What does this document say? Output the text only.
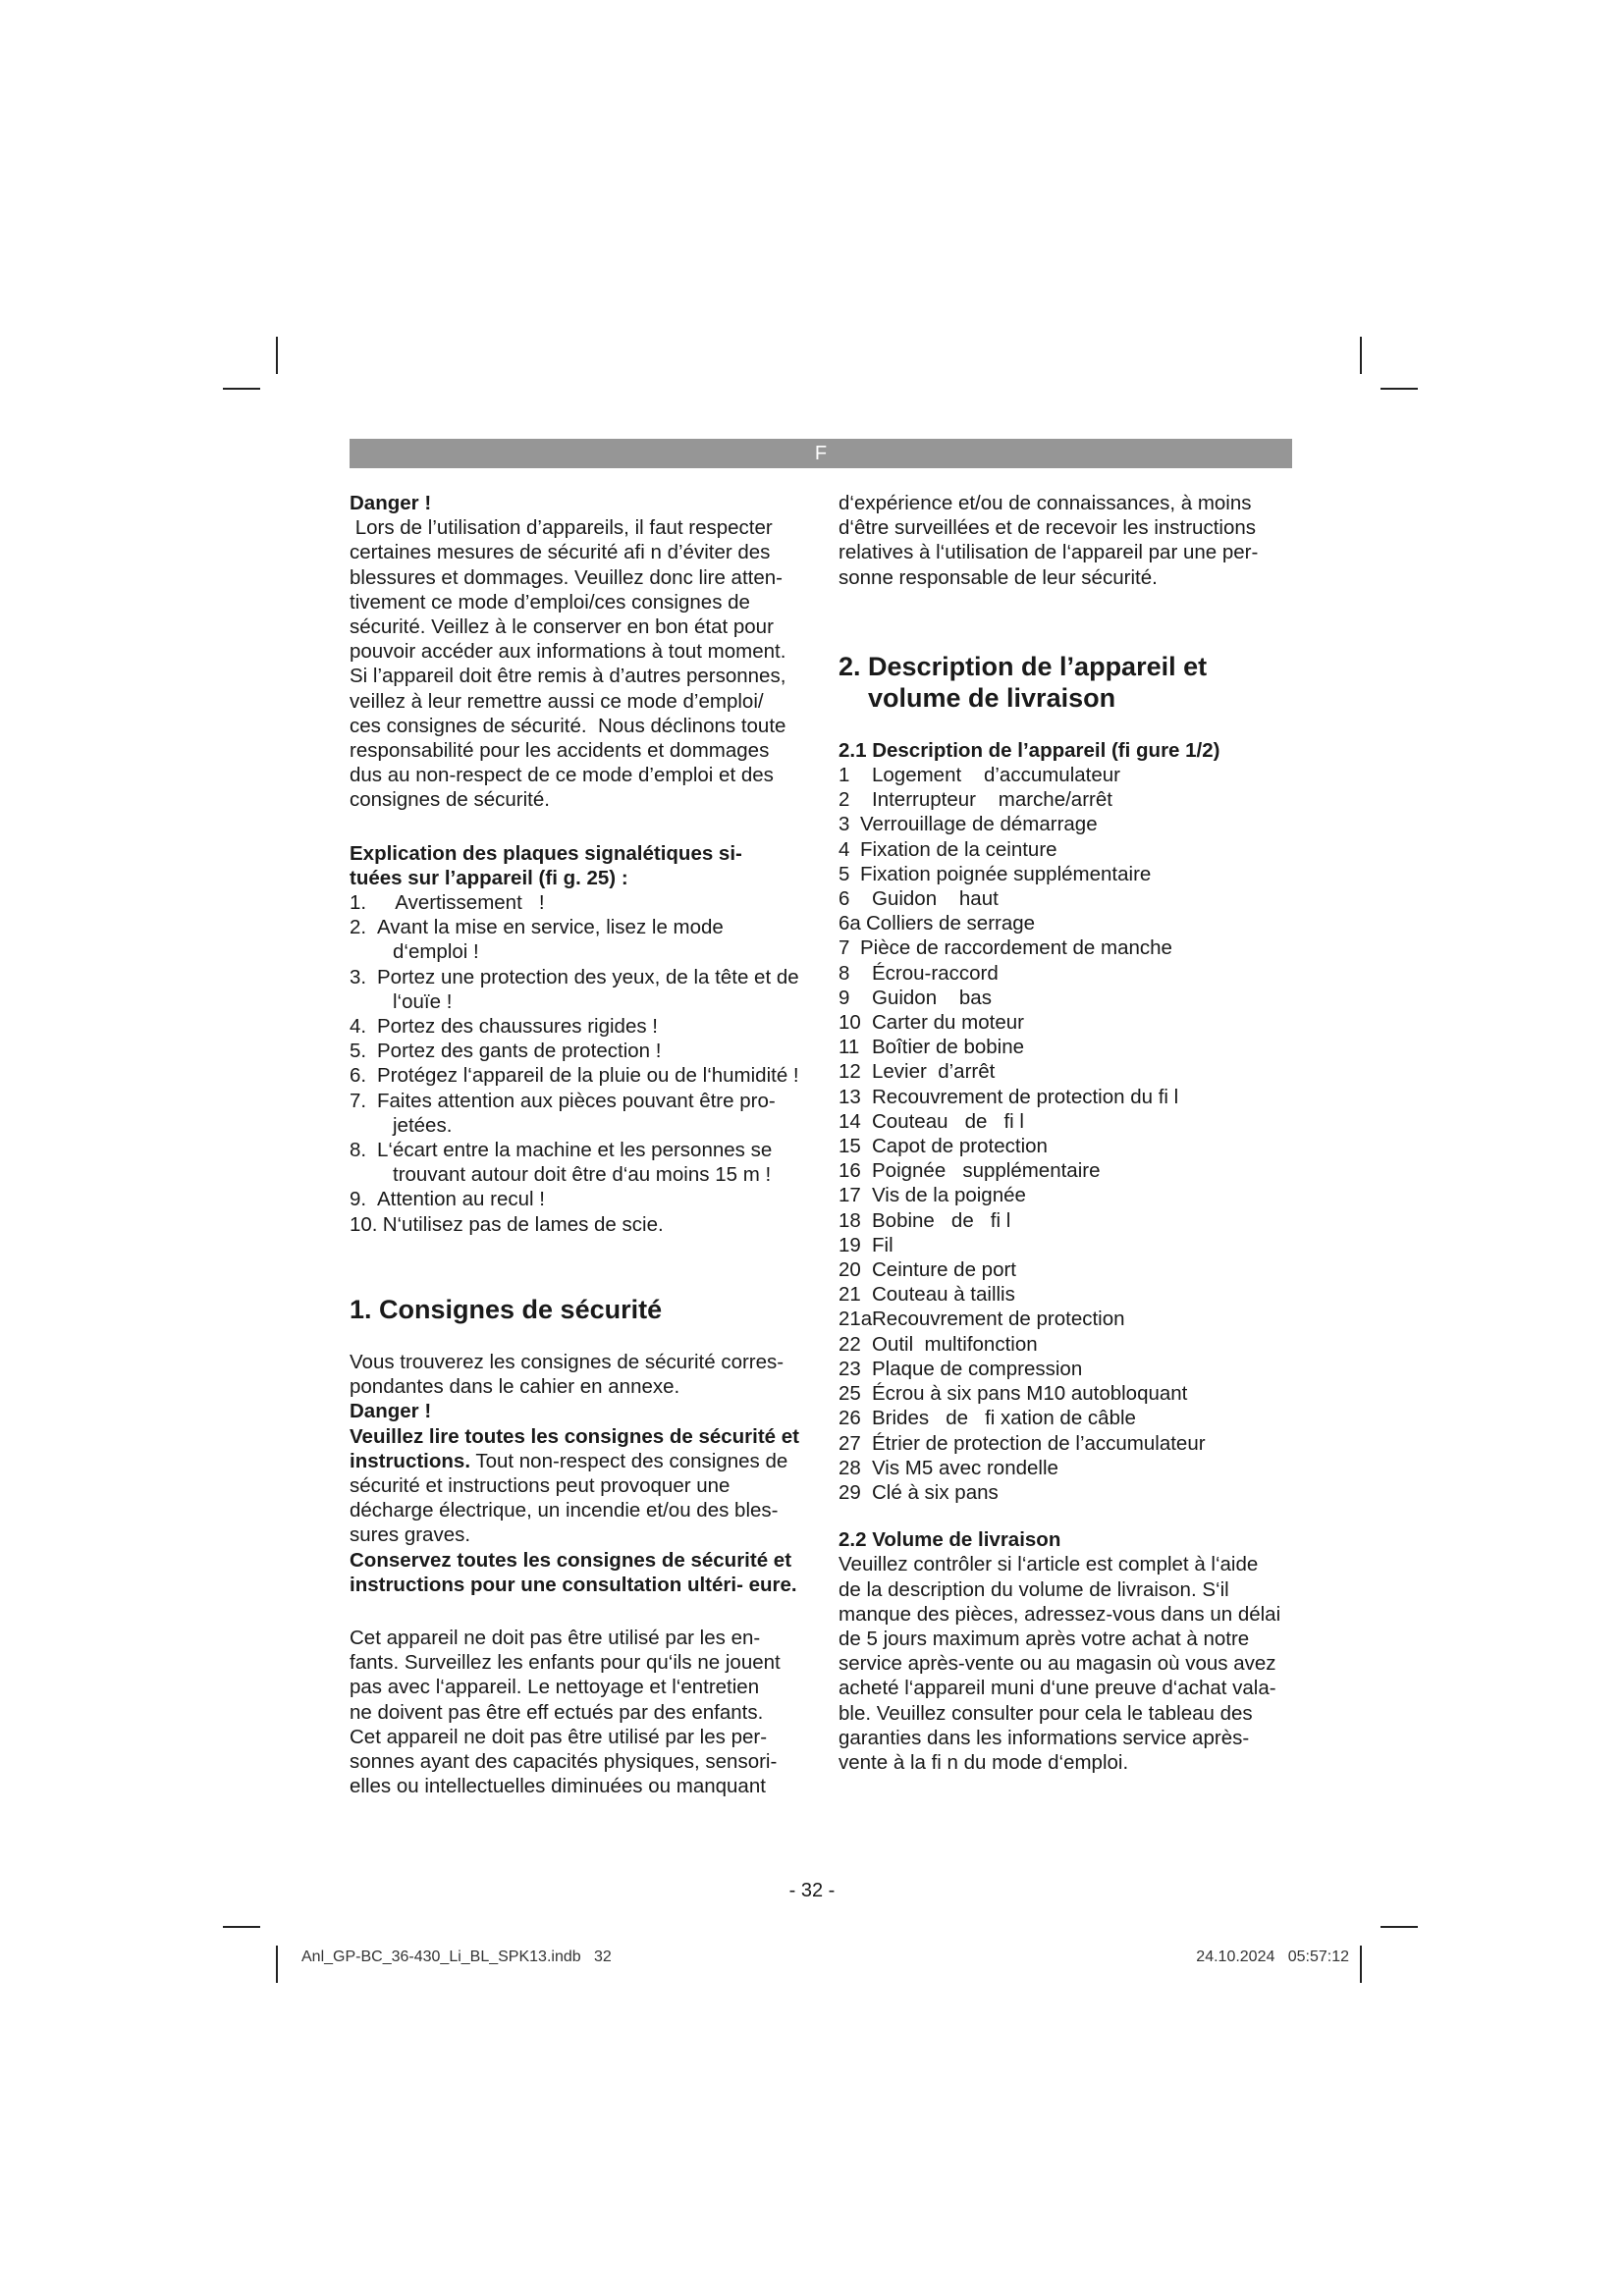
F

Danger !

Lors de l’utilisation d’appareils, il faut respecter

certaines mesures de sécurité afi n d’éviter des

blessures et dommages. Veuillez donc lire atten-

tivement ce mode d’emploi/ces consignes de

sécurité. Veillez à le conserver en bon état pour

pouvoir accéder aux informations à tout moment.

Si l’appareil doit être remis à d’autres personnes,

veillez à leur remettre aussi ce mode d’emploi/

ces consignes de sécurité.  Nous déclinons toute

responsabilité pour les accidents et dommages

dus au non-respect de ce mode d’emploi et des

consignes de sécurité.

Explication des plaques signalétiques si-

tuées sur l’appareil (fi g. 25) :

1. Avertissement   !
2. Avant la mise en service, lisez le mode d‘emploi !
3. Portez une protection des yeux, de la tête et de l‘ouïe !
4. Portez des chaussures rigides !
5. Portez des gants de protection !
6. Protégez l‘appareil de la pluie ou de l‘humidité !
7. Faites attention aux pièces pouvant être pro- jetées.
8. L‘écart entre la machine et les personnes se trouvant autour doit être d‘au moins 15 m !
9. Attention au recul !
10. N‘utilisez pas de lames de scie.
1. Consignes de sécurité

Vous trouverez les consignes de sécurité corres-

pondantes dans le cahier en annexe.

Danger !

Veuillez lire toutes les consignes de sécurité et instructions. Tout non-respect des consignes de sécurité et instructions peut provoquer une décharge électrique, un incendie et/ou des bles- sures graves.

Conservez toutes les consignes de sécurité et instructions pour une consultation ultéri- eure.

Cet appareil ne doit pas être utilisé par les en-

fants. Surveillez les enfants pour qu‘ils ne jouent

pas avec l‘appareil. Le nettoyage et l‘entretien

ne doivent pas être eff ectués par des enfants.

Cet appareil ne doit pas être utilisé par les per-

sonnes ayant des capacités physiques, sensori-

elles ou intellectuelles diminuées ou manquant

d‘expérience et/ou de connaissances, à moins

d‘être surveillées et de recevoir les instructions

relatives à l‘utilisation de l‘appareil par une per-

sonne responsable de leur sécurité.

2. Description de l’appareil et
volume de livraison
2.1 Description de l’appareil (fi gure 1/2)
1	Logement    d’accumulateur
2	Interrupteur    marche/arrêt
3 Verrouillage de démarrage
4 Fixation de la ceinture
5 Fixation poignée supplémentaire
6	Guidon    haut
6a Colliers de serrage
7 Pièce de raccordement de manche
8	Écrou-raccord
9	Guidon    bas
10 Carter du moteur
11 Boîtier de bobine
12 Levier  d’arrêt
13 Recouvrement de protection du fi l
14 Couteau   de   fi l
15 Capot de protection
16 Poignée   supplémentaire
17 Vis de la poignée
18 Bobine   de   fi l
19 Fil
20 Ceinture de port
21 Couteau à taillis
21a Recouvrement de protection
22 Outil  multifonction
23 Plaque de compression
25 Écrou à six pans M10 autobloquant
26 Brides   de   fi xation de câble
27 Étrier de protection de l’accumulateur
28 Vis M5 avec rondelle
29 Clé à six pans
2.2 Volume de livraison

Veuillez contrôler si l‘article est complet à l‘aide

de la description du volume de livraison. S‘il

manque des pièces, adressez-vous dans un délai

de 5 jours maximum après votre achat à notre

service après-vente ou au magasin où vous avez

acheté l‘appareil muni d‘une preuve d‘achat vala-

ble. Veuillez consulter pour cela le tableau des

garanties dans les informations service après-

vente à la fi n du mode d‘emploi.

- 32 -
Anl_GP-BC_36-430_Li_BL_SPK13.indb   32	24.10.2024   05:57:12
